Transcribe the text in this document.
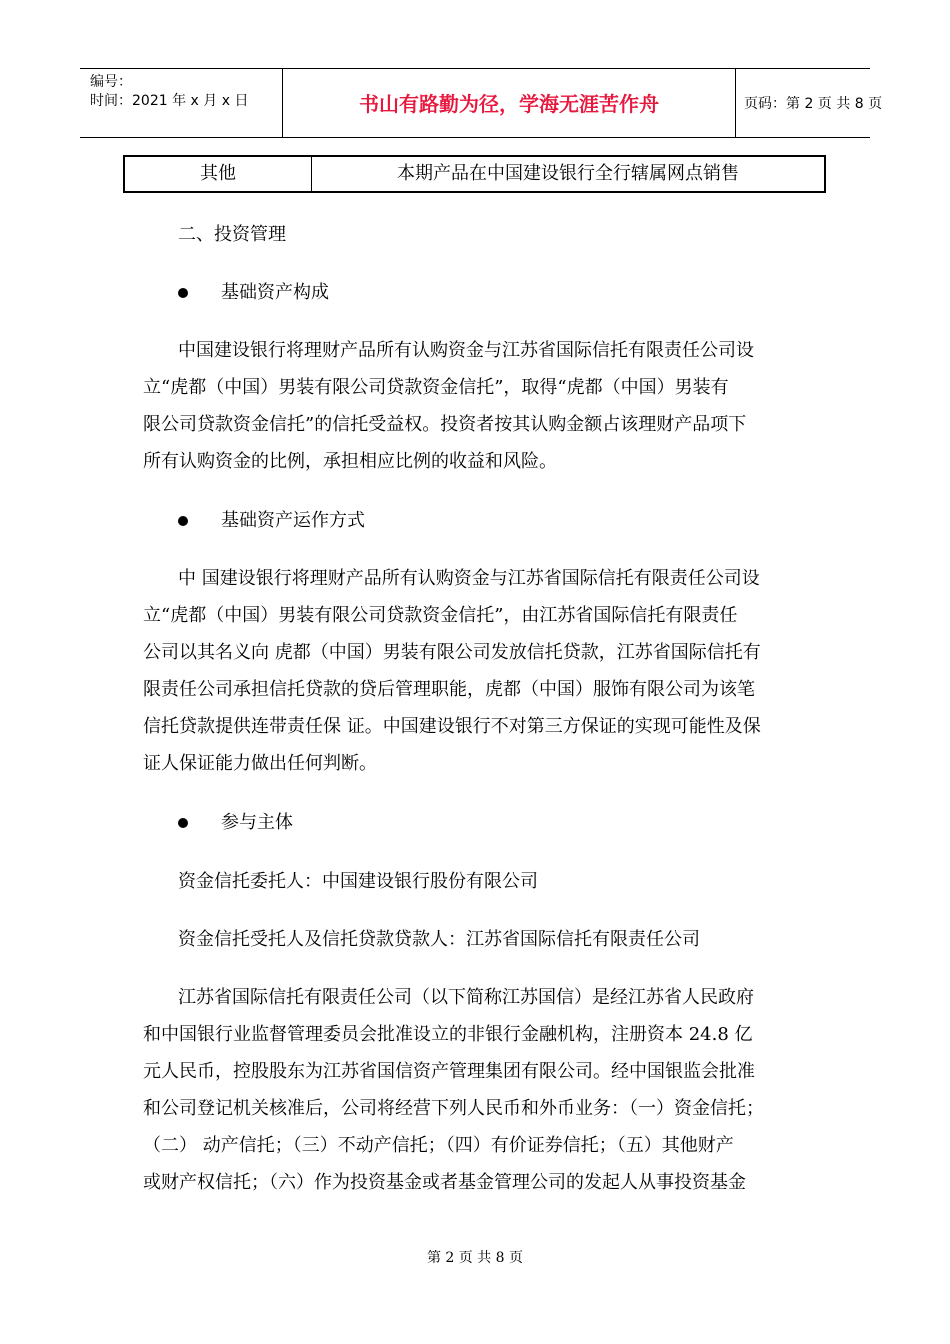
编号：
时间：2021 年 x 月 x 日	书山有路勤为径，学海无涯苦作舟	页码：第 2 页 共 8 页
其他	本期产品在中国建设银行全行辖属网点销售
二、投资管理
基础资产构成
中国建设银行将理财产品所有认购资金与江苏省国际信托有限责任公司设
立“虎都（中国）男装有限公司贷款资金信托”，取得“虎都（中国）男装有
限公司贷款资金信托”的信托受益权。投资者按其认购金额占该理财产品项下
所有认购资金的比例，承担相应比例的收益和风险。
基础资产运作方式
中 国建设银行将理财产品所有认购资金与江苏省国际信托有限责任公司设
立“虎都（中国）男装有限公司贷款资金信托”，由江苏省国际信托有限责任
公司以其名义向 虎都（中国）男装有限公司发放信托贷款，江苏省国际信托有
限责任公司承担信托贷款的贷后管理职能，虎都（中国）服饰有限公司为该笔
信托贷款提供连带责任保 证。中国建设银行不对第三方保证的实现可能性及保
证人保证能力做出任何判断。
参与主体
资金信托委托人：中国建设银行股份有限公司
资金信托受托人及信托贷款贷款人：江苏省国际信托有限责任公司
江苏省国际信托有限责任公司（以下简称江苏国信）是经江苏省人民政府
和中国银行业监督管理委员会批准设立的非银行金融机构，注册资本 24.8 亿
元人民币，控股股东为江苏省国信资产管理集团有限公司。经中国银监会批准
和公司登记机关核准后，公司将经营下列人民币和外币业务：（一）资金信托；
（二） 动产信托；（三）不动产信托；（四）有价证券信托；（五）其他财产
或财产权信托；（六）作为投资基金或者基金管理公司的发起人从事投资基金
第 2 页 共 8 页
